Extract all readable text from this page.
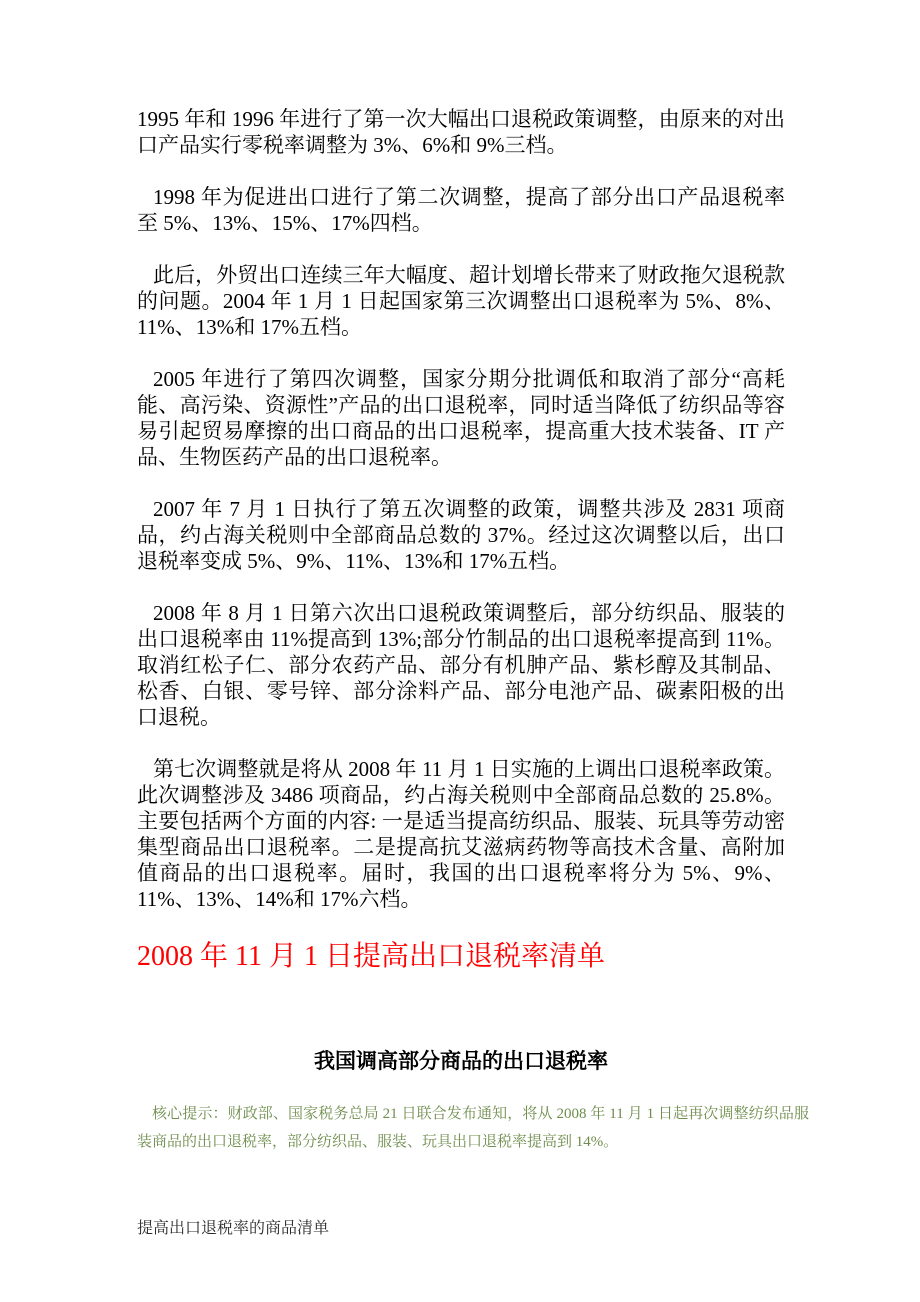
1995 年和 1996 年进行了第一次大幅出口退税政策调整，由原来的对出口产品实行零税率调整为 3%、6%和 9%三档。

1998 年为促进出口进行了第二次调整，提高了部分出口产品退税率至 5%、13%、15%、17%四档。

此后，外贸出口连续三年大幅度、超计划增长带来了财政拖欠退税款的问题。2004 年 1 月 1 日起国家第三次调整出口退税率为 5%、8%、11%、13%和 17%五档。

2005 年进行了第四次调整，国家分期分批调低和取消了部分“高耗能、高污染、资源性”产品的出口退税率，同时适当降低了纺织品等容易引起贸易摩擦的出口商品的出口退税率，提高重大技术装备、IT 产品、生物医药产品的出口退税率。

2007 年 7 月 1 日执行了第五次调整的政策，调整共涉及 2831 项商品，约占海关税则中全部商品总数的 37%。经过这次调整以后，出口退税率变成 5%、9%、11%、13%和 17%五档。

2008 年 8 月 1 日第六次出口退税政策调整后，部分纺织品、服装的出口退税率由 11%提高到 13%;部分竹制品的出口退税率提高到 11%。取消红松子仁、部分农药产品、部分有机胂产品、紫杉醇及其制品、松香、白银、零号锌、部分涂料产品、部分电池产品、碳素阳极的出口退税。

第七次调整就是将从 2008 年 11 月 1 日实施的上调出口退税率政策。此次调整涉及 3486 项商品，约占海关税则中全部商品总数的 25.8%。主要包括两个方面的内容: 一是适当提高纺织品、服装、玩具等劳动密集型商品出口退税率。二是提高抗艾滋病药物等高技术含量、高附加值商品的出口退税率。届时，我国的出口退税率将分为 5%、9%、11%、13%、14%和 17%六档。

2008 年 11 月 1 日提高出口退税率清单
我国调高部分商品的出口退税率

核心提示：财政部、国家税务总局 21 日联合发布通知，将从 2008 年 11 月 1 日起再次调整纺织品服装商品的出口退税率，部分纺织品、服装、玩具出口退税率提高到 14%。

提高出口退税率的商品清单
